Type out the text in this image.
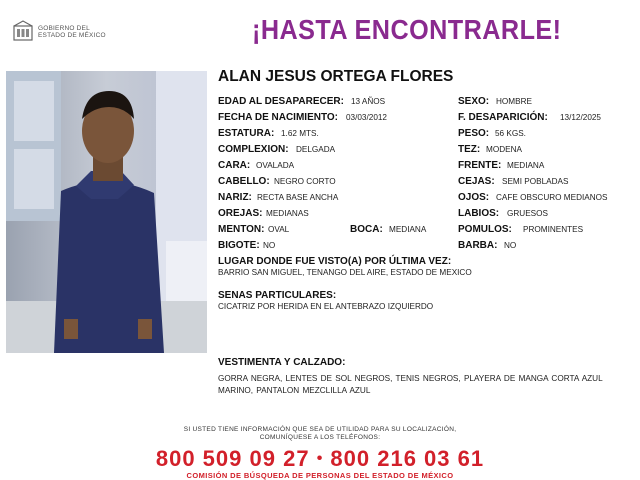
GOBIERNO DEL
ESTADO DE MÉXICO	¡HASTA ENCONTRARLE!
ALAN JESUS ORTEGA FLORES
EDAD AL DESAPARECER: 13 AÑOS
FECHA DE NACIMIENTO: 03/03/2012
ESTATURA: 1.62 MTS.
COMPLEXION: DELGADA
CARA: OVALADA
CABELLO: NEGRO CORTO
NARIZ: RECTA BASE ANCHA
OREJAS: MEDIANAS
MENTON: OVAL	BOCA: MEDIANA
BIGOTE: NO
SEXO: HOMBRE
F. DESAPARICIÓN: 13/12/2025
PESO: 56 KGS.
TEZ: MODENA
FRENTE: MEDIANA
CEJAS: SEMI POBLADAS
OJOS: CAFE OBSCURO MEDIANOS
LABIOS: GRUESOS
POMULOS: PROMINENTES
BARBA: NO
LUGAR DONDE FUE VISTO(A) POR ÚLTIMA VEZ:
BARRIO SAN MIGUEL, TENANGO DEL AIRE, ESTADO DE MEXICO
SENAS PARTICULARES:
CICATRIZ POR HERIDA EN EL ANTEBRAZO IZQUIERDO
VESTIMENTA Y CALZADO:
GORRA NEGRA, LENTES DE SOL NEGROS, TENIS NEGROS, PLAYERA DE MANGA CORTA AZUL MARINO, PANTALON MEZCLILLA AZUL
SI USTED TIENE INFORMACIÓN QUE SEA DE UTILIDAD PARA SU LOCALIZACIÓN,
COMUNÍQUESE A LOS TELÉFONOS:
800 509 09 27 • 800 216 03 61
COMISIÓN DE BÚSQUEDA DE PERSONAS DEL ESTADO DE MÉXICO
